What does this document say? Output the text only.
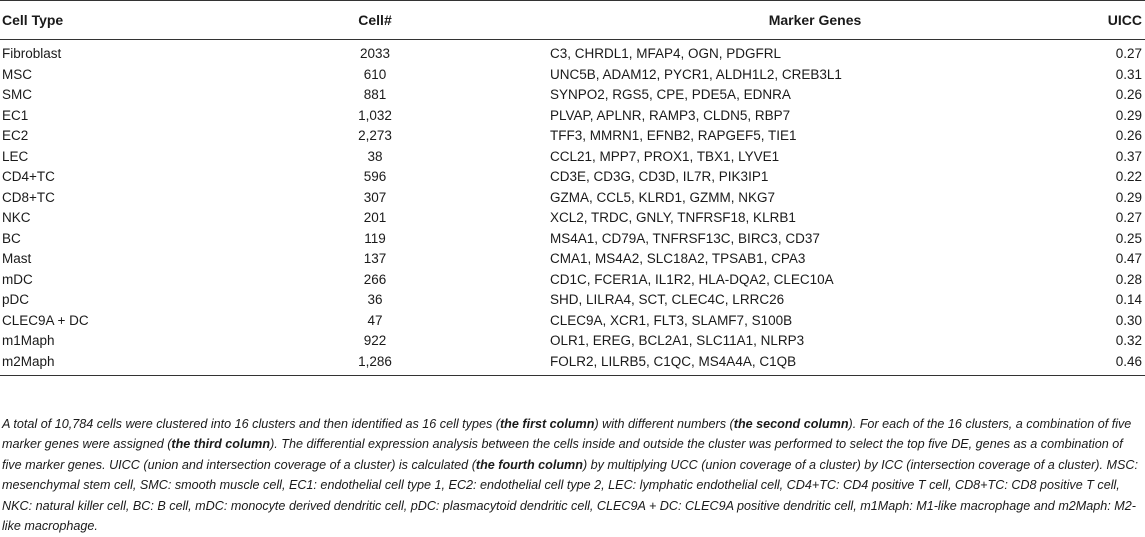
Cell Type	Cell#	Marker Genes	UICC
Fibroblast	2033	C3, CHRDL1, MFAP4, OGN, PDGFRL	0.27
MSC	610	UNC5B, ADAM12, PYCR1, ALDH1L2, CREB3L1	0.31
SMC	881	SYNPO2, RGS5, CPE, PDE5A, EDNRA	0.26
EC1	1,032	PLVAP, APLNR, RAMP3, CLDN5, RBP7	0.29
EC2	2,273	TFF3, MMRN1, EFNB2, RAPGEF5, TIE1	0.26
LEC	38	CCL21, MPP7, PROX1, TBX1, LYVE1	0.37
CD4+TC	596	CD3E, CD3G, CD3D, IL7R, PIK3IP1	0.22
CD8+TC	307	GZMA, CCL5, KLRD1, GZMM, NKG7	0.29
NKC	201	XCL2, TRDC, GNLY, TNFRSF18, KLRB1	0.27
BC	119	MS4A1, CD79A, TNFRSF13C, BIRC3, CD37	0.25
Mast	137	CMA1, MS4A2, SLC18A2, TPSAB1, CPA3	0.47
mDC	266	CD1C, FCER1A, IL1R2, HLA-DQA2, CLEC10A	0.28
pDC	36	SHD, LILRA4, SCT, CLEC4C, LRRC26	0.14
CLEC9A + DC	47	CLEC9A, XCR1, FLT3, SLAMF7, S100B	0.30
m1Maph	922	OLR1, EREG, BCL2A1, SLC11A1, NLRP3	0.32
m2Maph	1,286	FOLR2, LILRB5, C1QC, MS4A4A, C1QB	0.46

A total of 10,784 cells were clustered into 16 clusters and then identified as 16 cell types (the first column) with different numbers (the second column). For each of the 16 clusters, a combination of five marker genes were assigned (the third column). The differential expression analysis between the cells inside and outside the cluster was performed to select the top five DE, genes as a combination of five marker genes. UICC (union and intersection coverage of a cluster) is calculated (the fourth column) by multiplying UCC (union coverage of a cluster) by ICC (intersection coverage of a cluster). MSC: mesenchymal stem cell, SMC: smooth muscle cell, EC1: endothelial cell type 1, EC2: endothelial cell type 2, LEC: lymphatic endothelial cell, CD4+TC: CD4 positive T cell, CD8+TC: CD8 positive T cell, NKC: natural killer cell, BC: B cell, mDC: monocyte derived dendritic cell, pDC: plasmacytoid dendritic cell, CLEC9A + DC: CLEC9A positive dendritic cell, m1Maph: M1-like macrophage and m2Maph: M2-like macrophage.
